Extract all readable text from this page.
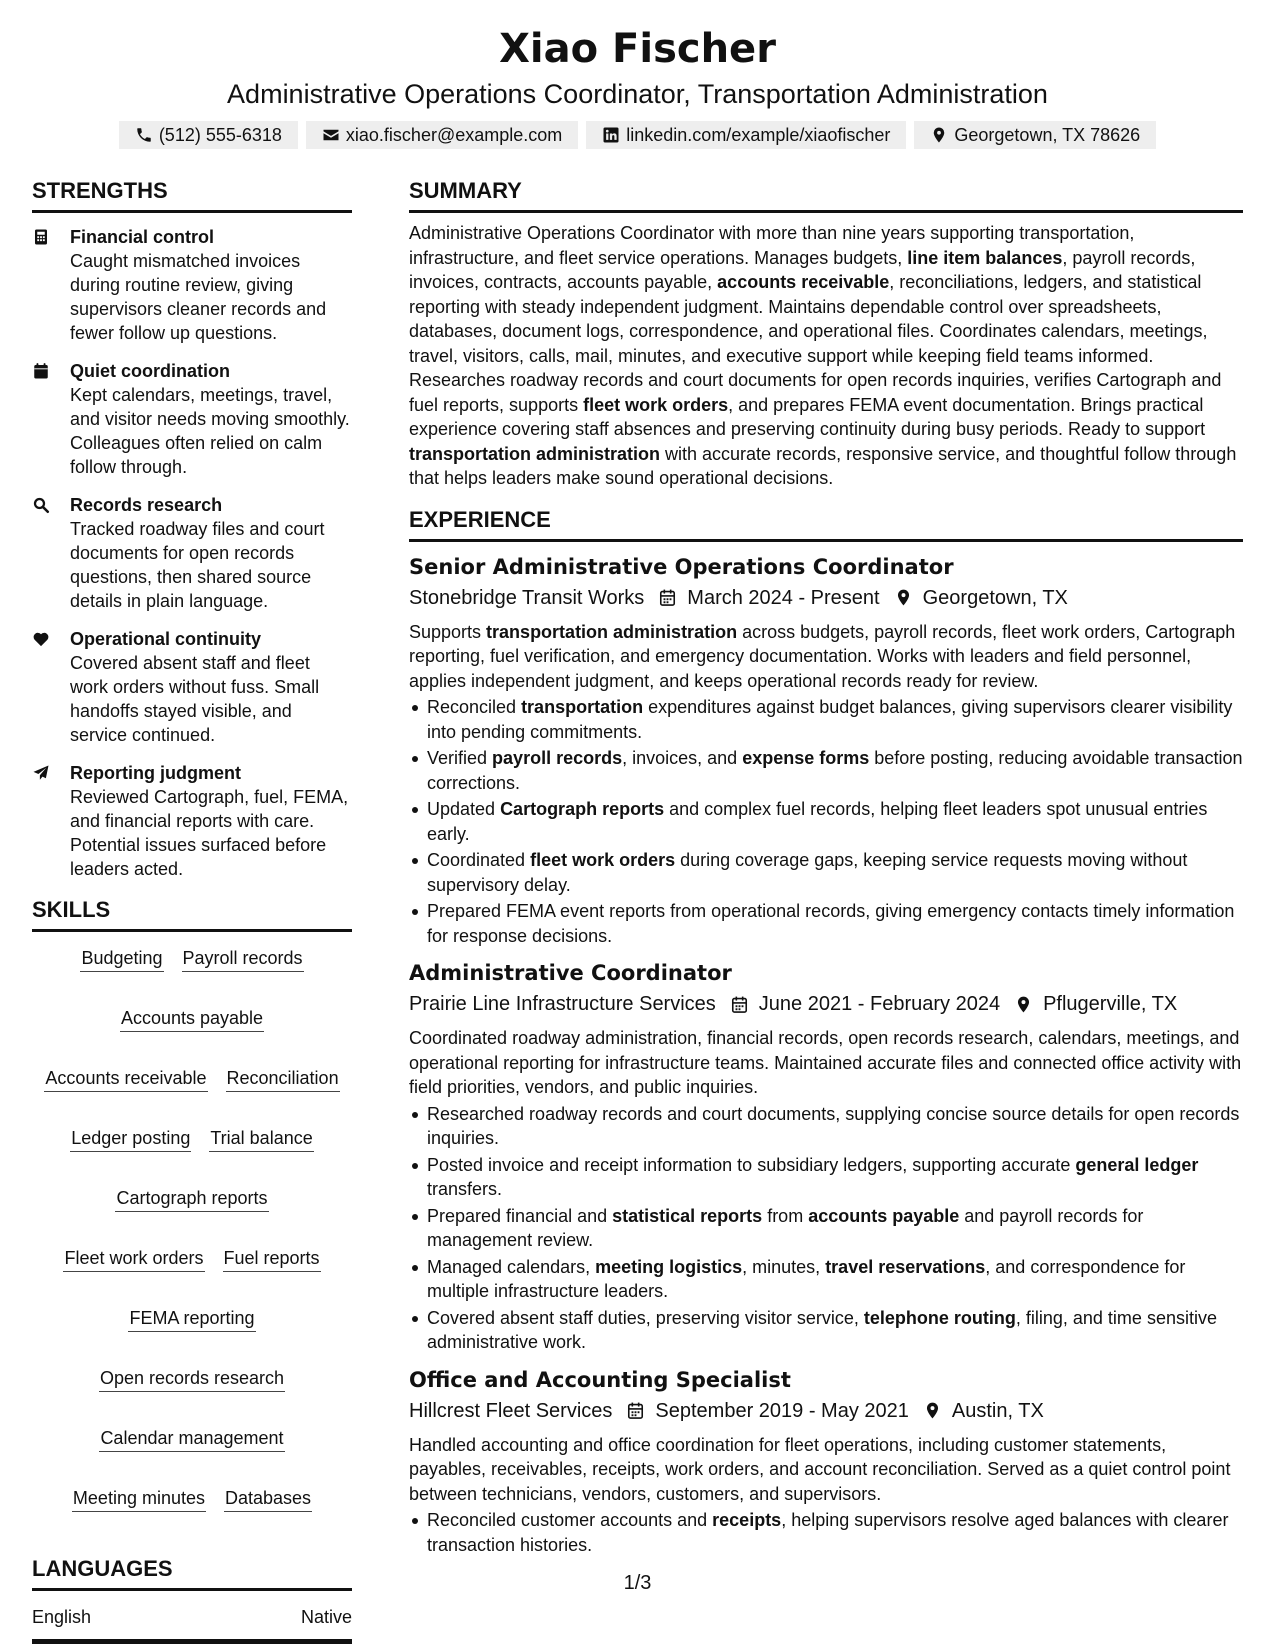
Xiao Fischer
Administrative Operations Coordinator, Transportation Administration
(512) 555-6318	xiao.fischer@example.com	linkedin.com/example/xiaofischer	Georgetown, TX 78626
STRENGTHS
Financial control
Caught mismatched invoices during routine review, giving supervisors cleaner records and fewer follow up questions.
Quiet coordination
Kept calendars, meetings, travel, and visitor needs moving smoothly. Colleagues often relied on calm follow through.
Records research
Tracked roadway files and court documents for open records questions, then shared source details in plain language.
Operational continuity
Covered absent staff and fleet work orders without fuss. Small handoffs stayed visible, and service continued.
Reporting judgment
Reviewed Cartograph, fuel, FEMA, and financial reports with care. Potential issues surfaced before leaders acted.
SKILLS
Budgeting Payroll records
Accounts payable
Accounts receivable Reconciliation
Ledger posting Trial balance
Cartograph reports
Fleet work orders Fuel reports
FEMA reporting
Open records research
Calendar management
Meeting minutes Databases
LANGUAGES
English	Native
SUMMARY

Administrative Operations Coordinator with more than nine years supporting transportation, infrastructure, and fleet service operations. Manages budgets, line item balances, payroll records, invoices, contracts, accounts payable, accounts receivable, reconciliations, ledgers, and statistical reporting with steady independent judgment. Maintains dependable control over spreadsheets, databases, document logs, correspondence, and operational files. Coordinates calendars, meetings, travel, visitors, calls, mail, minutes, and executive support while keeping field teams informed. Researches roadway records and court documents for open records inquiries, verifies Cartograph and fuel reports, supports fleet work orders, and prepares FEMA event documentation. Brings practical experience covering staff absences and preserving continuity during busy periods. Ready to support transportation administration with accurate records, responsive service, and thoughtful follow through that helps leaders make sound operational decisions.

EXPERIENCE
Senior Administrative Operations Coordinator
Stonebridge Transit Works March 2024 - Present Georgetown, TX

Supports transportation administration across budgets, payroll records, fleet work orders, Cartograph reporting, fuel verification, and emergency documentation. Works with leaders and field personnel, applies independent judgment, and keeps operational records ready for review.

Reconciled transportation expenditures against budget balances, giving supervisors clearer visibility into pending commitments.
Verified payroll records, invoices, and expense forms before posting, reducing avoidable transaction corrections.
Updated Cartograph reports and complex fuel records, helping fleet leaders spot unusual entries early.
Coordinated fleet work orders during coverage gaps, keeping service requests moving without supervisory delay.
Prepared FEMA event reports from operational records, giving emergency contacts timely information for response decisions.
Administrative Coordinator
Prairie Line Infrastructure Services June 2021 - February 2024 Pflugerville, TX

Coordinated roadway administration, financial records, open records research, calendars, meetings, and operational reporting for infrastructure teams. Maintained accurate files and connected office activity with field priorities, vendors, and public inquiries.

Researched roadway records and court documents, supplying concise source details for open records inquiries.
Posted invoice and receipt information to subsidiary ledgers, supporting accurate general ledger transfers.
Prepared financial and statistical reports from accounts payable and payroll records for management review.
Managed calendars, meeting logistics, minutes, travel reservations, and correspondence for multiple infrastructure leaders.
Covered absent staff duties, preserving visitor service, telephone routing, filing, and time sensitive administrative work.
Office and Accounting Specialist
Hillcrest Fleet Services September 2019 - May 2021 Austin, TX

Handled accounting and office coordination for fleet operations, including customer statements, payables, receivables, receipts, work orders, and account reconciliation. Served as a quiet control point between technicians, vendors, customers, and supervisors.

Reconciled customer accounts and receipts, helping supervisors resolve aged balances with clearer transaction histories.
1/3
